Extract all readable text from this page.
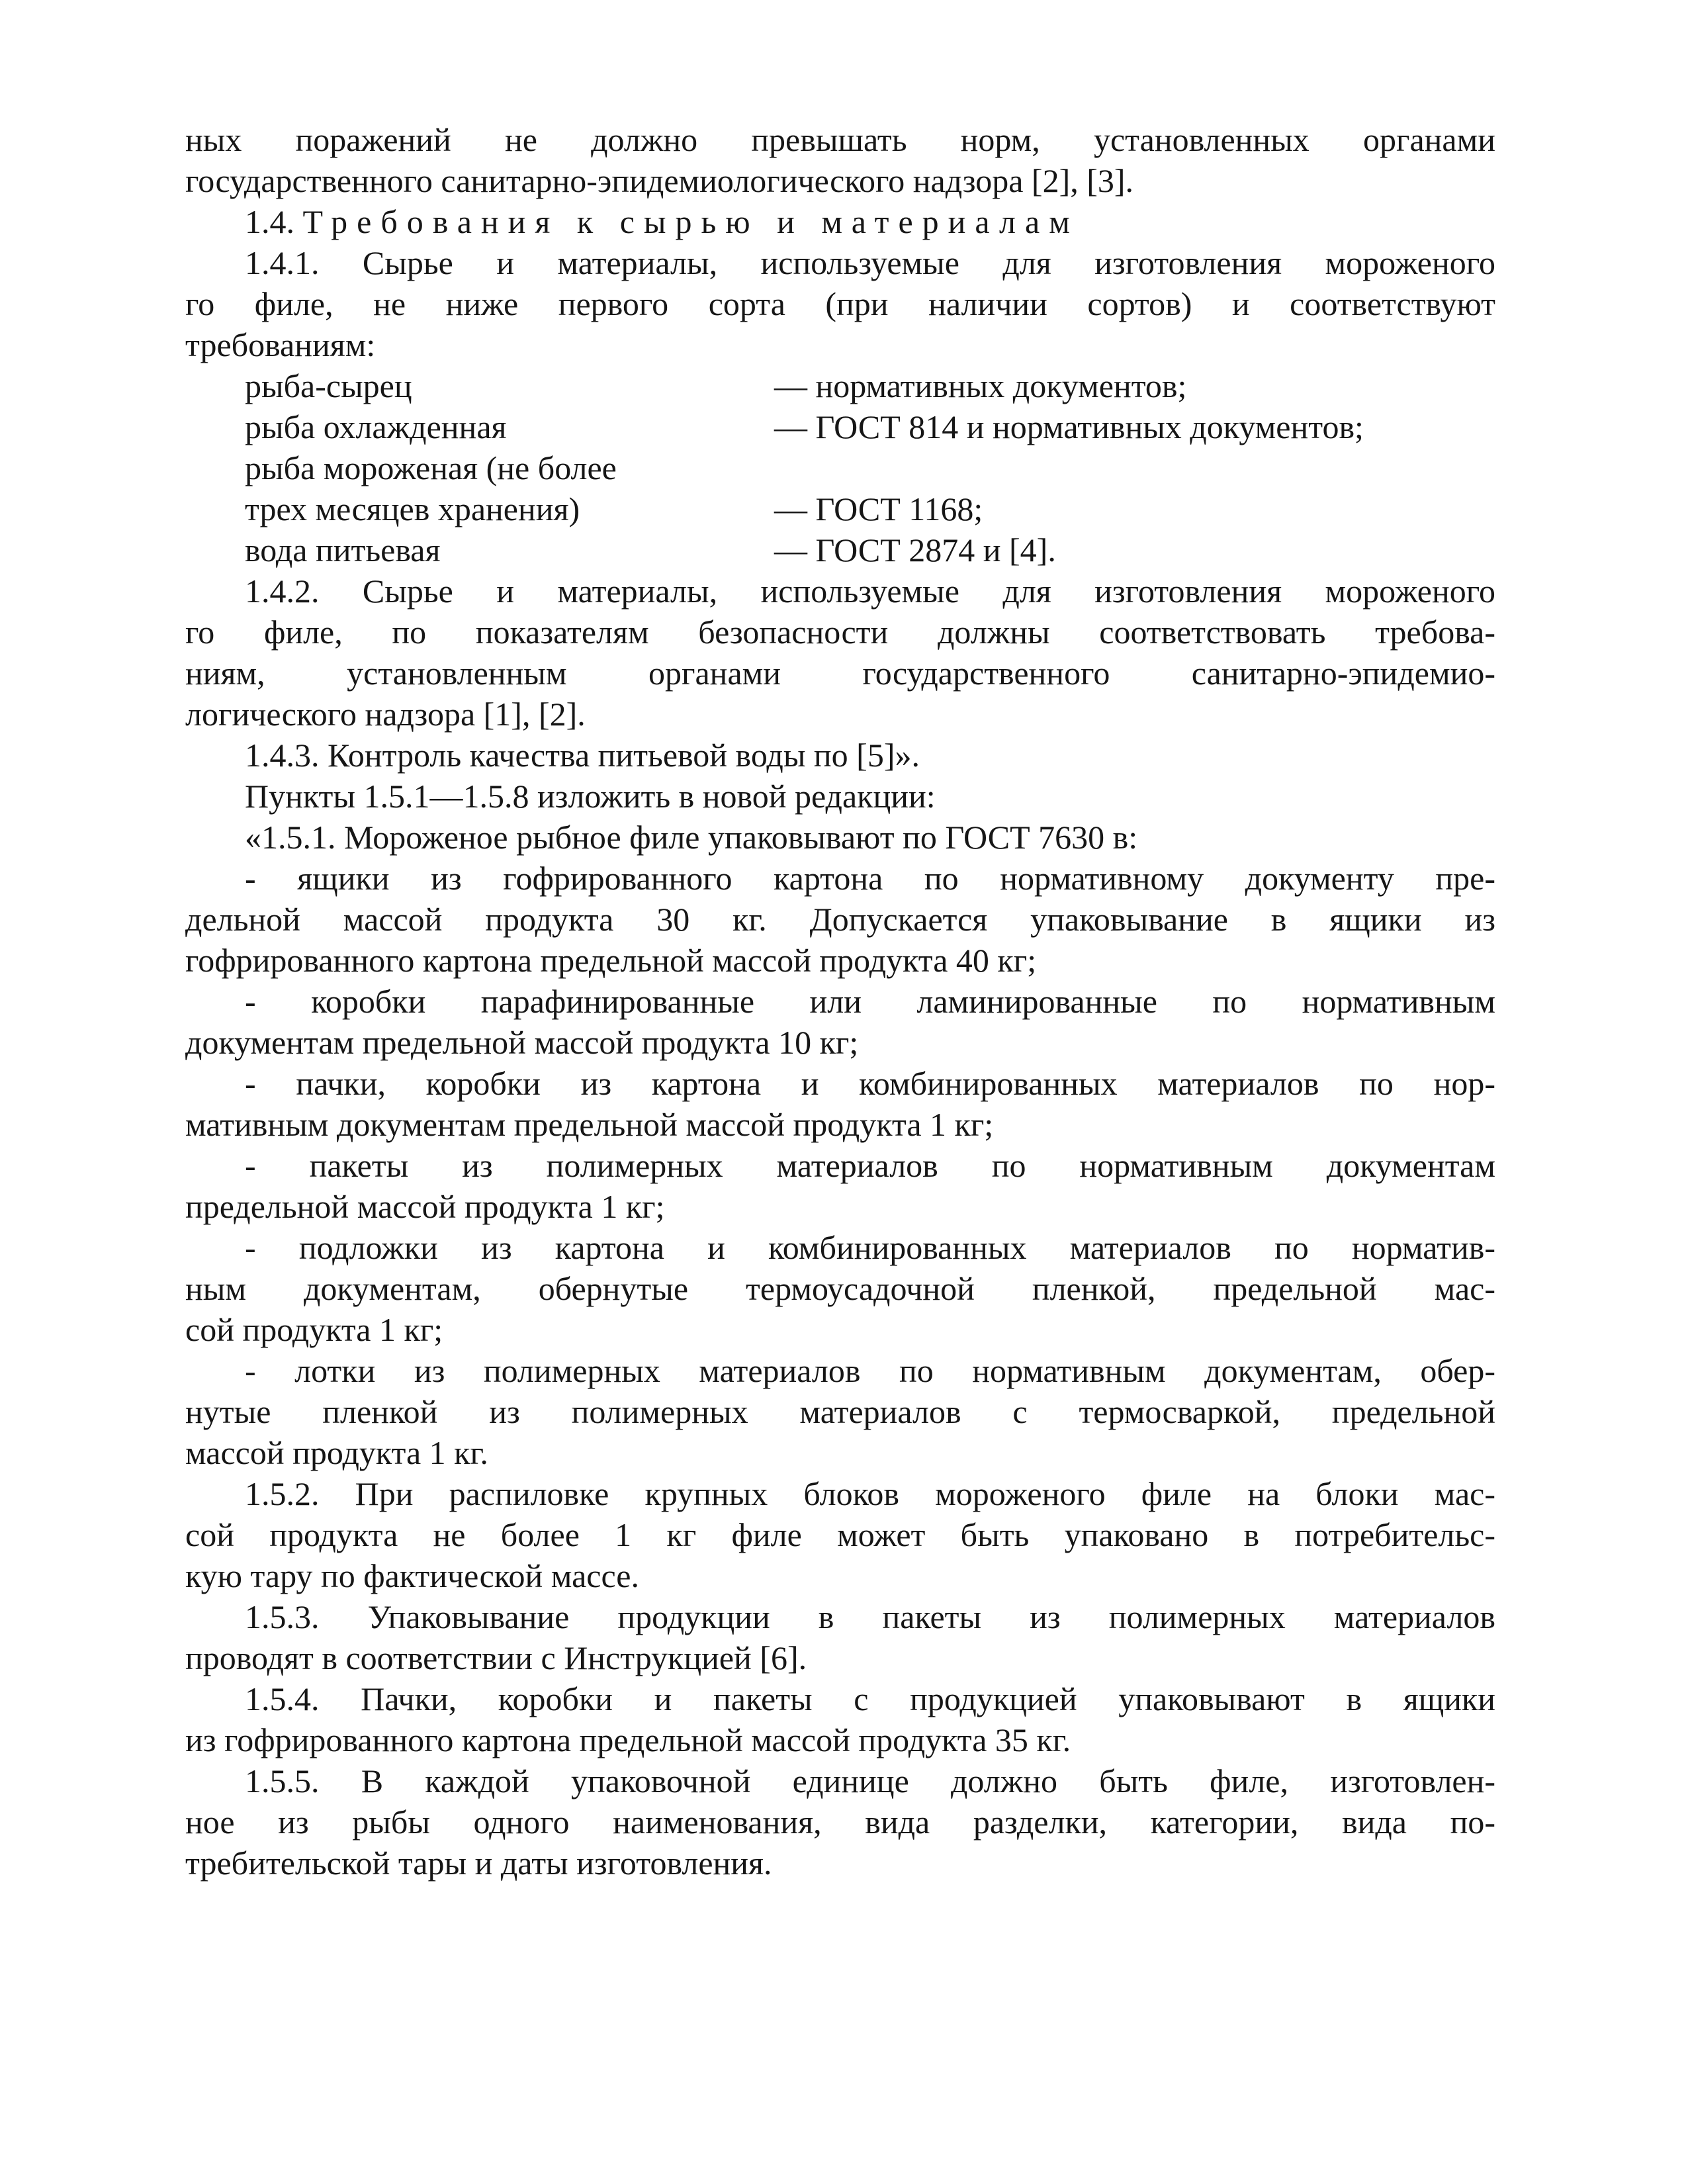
ных поражений не должно превышать норм, установленных органами
государственного санитарно-эпидемиологического надзора [2], [3].

1.4. Требования к сырью и материалам

1.4.1. Сырье и материалы, используемые для изготовления мороженого

го филе, не ниже первого сорта (при наличии сортов) и соответствуют
требованиям:

рыба-сырец	— нормативных документов;
рыба охлажденная	— ГОСТ 814 и нормативных документов;
рыба мороженая (не более	
трех месяцев хранения)	— ГОСТ 1168;
вода питьевая	— ГОСТ 2874 и [4].

1.4.2. Сырье и материалы, используемые для изготовления мороженого

го филе, по показателям безопасности должны соответствовать требова-
ниям, установленным органами государственного санитарно-эпидемио-
логического надзора [1], [2].

1.4.3. Контроль качества питьевой воды по [5]».

Пункты 1.5.1—1.5.8 изложить в новой редакции:

«1.5.1. Мороженое рыбное филе упаковывают по ГОСТ 7630 в:

- ящики из гофрированного картона по нормативному документу пре-

дельной массой продукта 30 кг. Допускается упаковывание в ящики из
гофрированного картона предельной массой продукта 40 кг;

- коробки парафинированные или ламинированные по нормативным

документам предельной массой продукта 10 кг;

- пачки, коробки из картона и комбинированных материалов по нор-

мативным документам предельной массой продукта 1 кг;

- пакеты из полимерных материалов по нормативным документам

предельной массой продукта 1 кг;

- подложки из картона и комбинированных материалов по норматив-

ным документам, обернутые термоусадочной пленкой, предельной мас-
сой продукта 1 кг;

- лотки из полимерных материалов по нормативным документам, обер-

нутые пленкой из полимерных материалов с термосваркой, предельной
массой продукта 1 кг.

1.5.2. При распиловке крупных блоков мороженого филе на блоки мас-

сой продукта не более 1 кг филе может быть упаковано в потребительс-
кую тару по фактической массе.

1.5.3. Упаковывание продукции в пакеты из полимерных материалов

проводят в соответствии с Инструкцией [6].

1.5.4. Пачки, коробки и пакеты с продукцией упаковывают в ящики

из гофрированного картона предельной массой продукта 35 кг.

1.5.5. В каждой упаковочной единице должно быть филе, изготовлен-

ное из рыбы одного наименования, вида разделки, категории, вида по-
требительской тары и даты изготовления.
